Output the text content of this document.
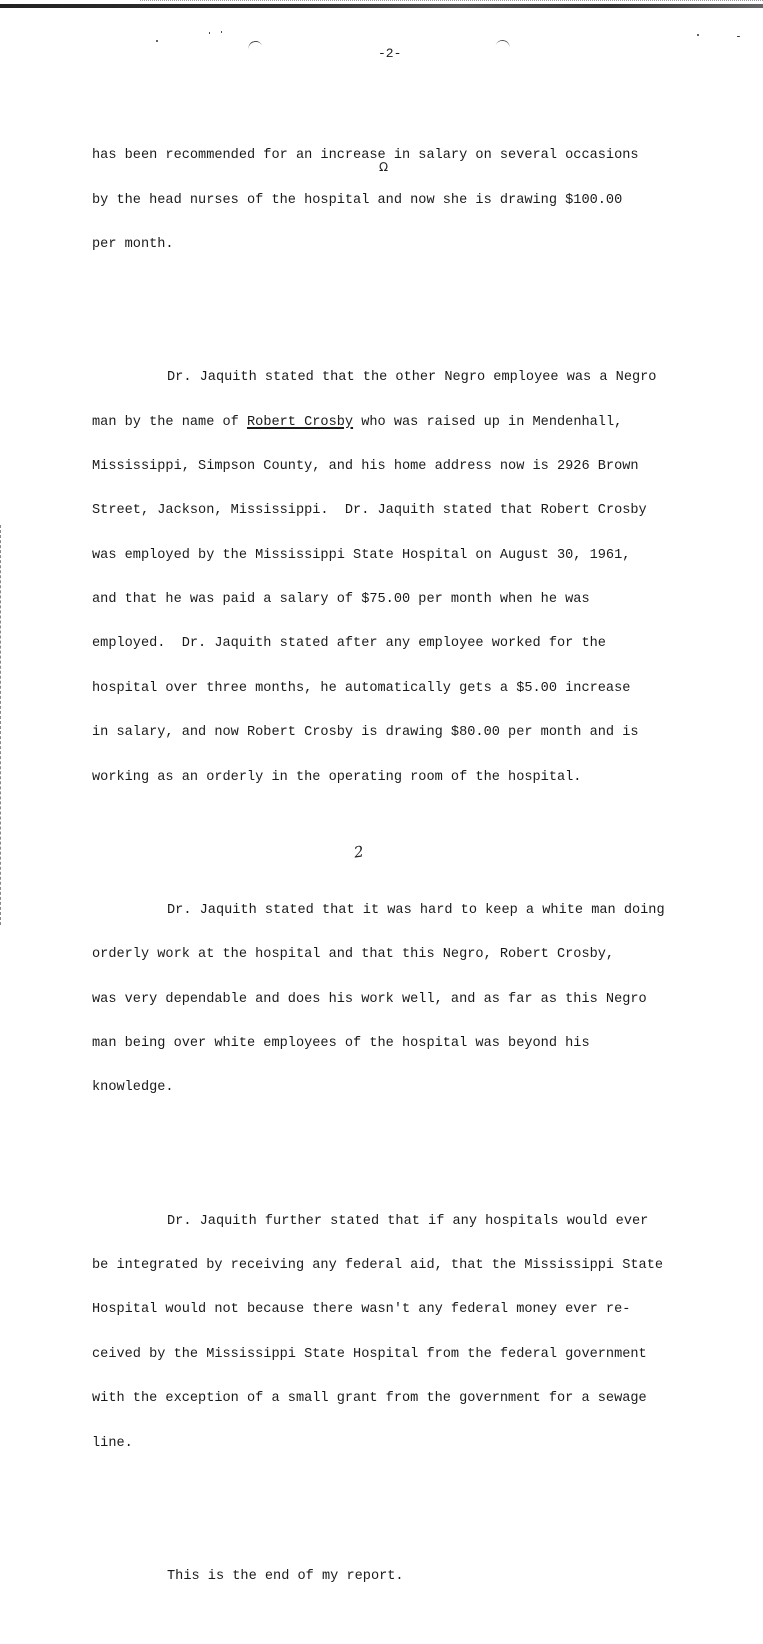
-2-

has been recommended for an increase in salary on several occasions

by the head nurses of the hospital and now she is drawing $100.00

per month.

Dr. Jaquith stated that the other Negro employee was a Negro

man by the name of Robert Crosby who was raised up in Mendenhall,

Mississippi, Simpson County, and his home address now is 2926 Brown

Street, Jackson, Mississippi.  Dr. Jaquith stated that Robert Crosby

was employed by the Mississippi State Hospital on August 30, 1961,

and that he was paid a salary of $75.00 per month when he was

employed.  Dr. Jaquith stated after any employee worked for the

hospital over three months, he automatically gets a $5.00 increase

in salary, and now Robert Crosby is drawing $80.00 per month and is

working as an orderly in the operating room of the hospital.

Dr. Jaquith stated that it was hard to keep a white man doing

orderly work at the hospital and that this Negro, Robert Crosby,

was very dependable and does his work well, and as far as this Negro

man being over white employees of the hospital was beyond his

knowledge.

Dr. Jaquith further stated that if any hospitals would ever

be integrated by receiving any federal aid, that the Mississippi State

Hospital would not because there wasn't any federal money ever re-

ceived by the Mississippi State Hospital from the federal government

with the exception of a small grant from the government for a sewage

line.

This is the end of my report.

Ω
2
